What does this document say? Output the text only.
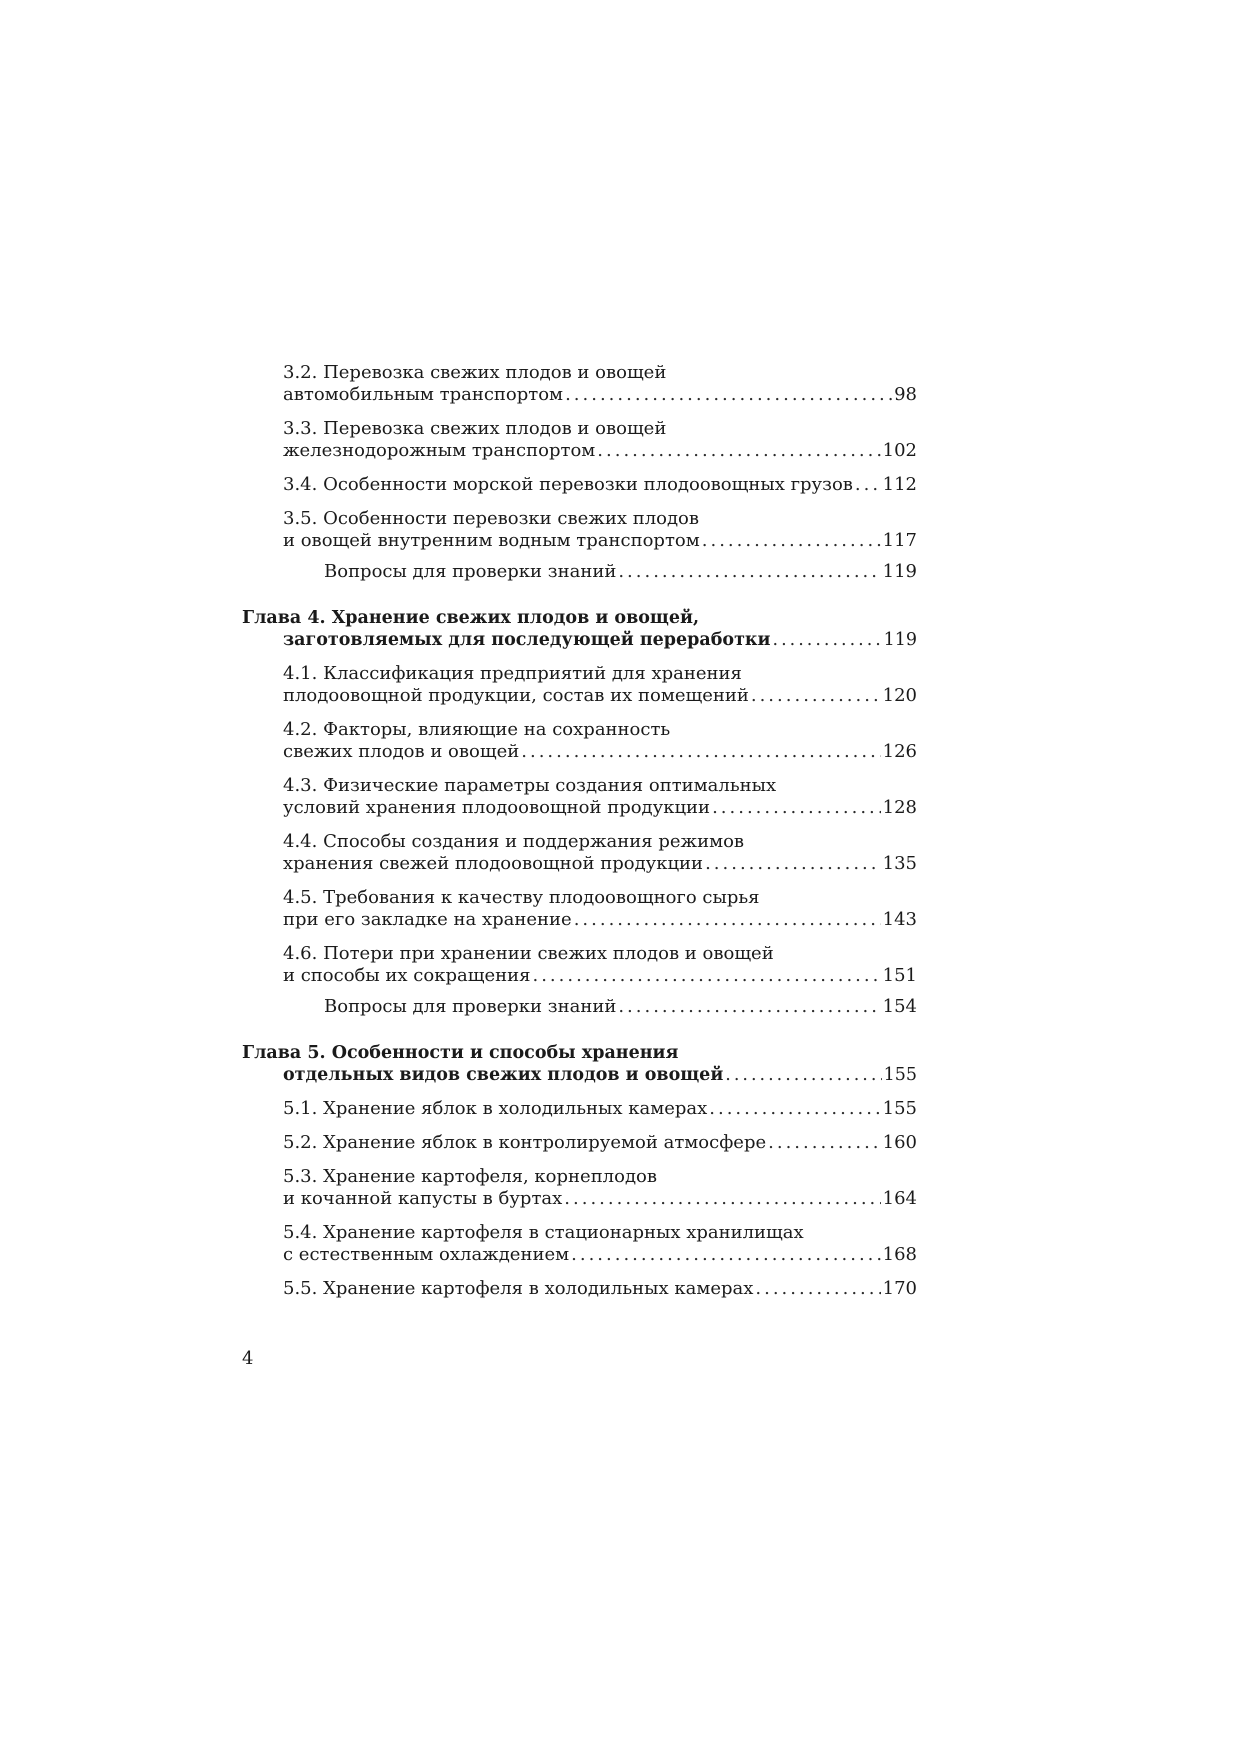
3.2. Перевозка свежих плодов и овощей
автомобильным транспортом .....	98
3.3. Перевозка свежих плодов и овощей
железнодорожным транспортом .....	102
3.4. Особенности морской перевозки плодоовощных грузов ..... 112
3.5. Особенности перевозки свежих плодов
и овощей внутренним водным транспортом .....	117
Вопросы для проверки знаний .....	119
Глава 4. Хранение свежих плодов и овощей,
заготовляемых для последующей переработки .....	119
4.1. Классификация предприятий для хранения
плодоовощной продукции, состав их помещений .....	120
4.2. Факторы, влияющие на сохранность
свежих плодов и овощей .....	126
4.3. Физические параметры создания оптимальных
условий хранения плодоовощной продукции .....	128
4.4. Способы создания и поддержания режимов
хранения свежей плодоовощной продукции .....	135
4.5. Требования к качеству плодоовощного сырья
при его закладке на хранение .....	143
4.6. Потери при хранении свежих плодов и овощей
и способы их сокращения .....	151
Вопросы для проверки знаний .....	154
Глава 5. Особенности и способы хранения
отдельных видов свежих плодов и овощей .....	155
5.1. Хранение яблок в холодильных камерах .....	155
5.2. Хранение яблок в контролируемой атмосфере .....	160
5.3. Хранение картофеля, корнеплодов
и кочанной капусты в буртах .....	164
5.4. Хранение картофеля в стационарных хранилищах
с естественным охлаждением .....	168
5.5. Хранение картофеля в холодильных камерах .....	170
4
